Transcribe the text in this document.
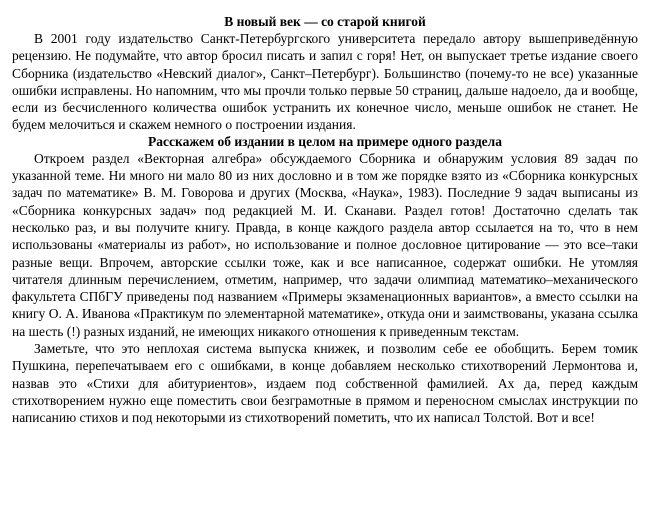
В новый век — со старой книгой

В 2001 году издательство Санкт-Петербургского университета передало автору вышеприведённую рецензию. Не подумайте, что автор бросил писать и запил с горя! Нет, он выпускает третье издание своего Сборника (издательство «Невский диалог», Санкт–Петербург). Большинство (почему-то не все) указанные ошибки исправлены. Но напомним, что мы прочли только первые 50 страниц, дальше надоело, да и вообще, если из бесчисленного количества ошибок устранить их конечное число, меньше ошибок не станет. Не будем мелочиться и скажем немного о построении издания.

Расскажем об издании в целом на примере одного раздела

Откроем раздел «Векторная алгебра» обсуждаемого Сборника и обнаружим условия 89 задач по указанной теме. Ни много ни мало 80 из них дословно и в том же порядке взято из «Сборника конкурсных задач по математике» В. М. Говорова и других (Москва, «Наука», 1983). Последние 9 задач выписаны из «Сборника конкурсных задач» под редакцией М. И. Сканави. Раздел готов! Достаточно сделать так несколько раз, и вы получите книгу. Правда, в конце каждого раздела автор ссылается на то, что в нем использованы «материалы из работ», но использование и полное дословное цитирование — это все–таки разные вещи. Впрочем, авторские ссылки тоже, как и все написанное, содержат ошибки. Не утомляя читателя длинным перечислением, отметим, например, что задачи олимпиад математико–механического факультета СПбГУ приведены под названием «Примеры экзаменационных вариантов», а вместо ссылки на книгу О. А. Иванова «Практикум по элементарной математике», откуда они и заимствованы, указана ссылка на шесть (!) разных изданий, не имеющих никакого отношения к приведенным текстам.

Заметьте, что это неплохая система выпуска книжек, и позволим себе ее обобщить. Берем томик Пушкина, перепечатываем его с ошибками, в конце добавляем несколько стихотворений Лермонтова и, назвав это «Стихи для абитуриентов», издаем под собственной фамилией. Ах да, перед каждым стихотворением нужно еще поместить свои безграмотные в прямом и переносном смыслах инструкции по написанию стихов и под некоторыми из стихотворений пометить, что их написал Толстой. Вот и все!
